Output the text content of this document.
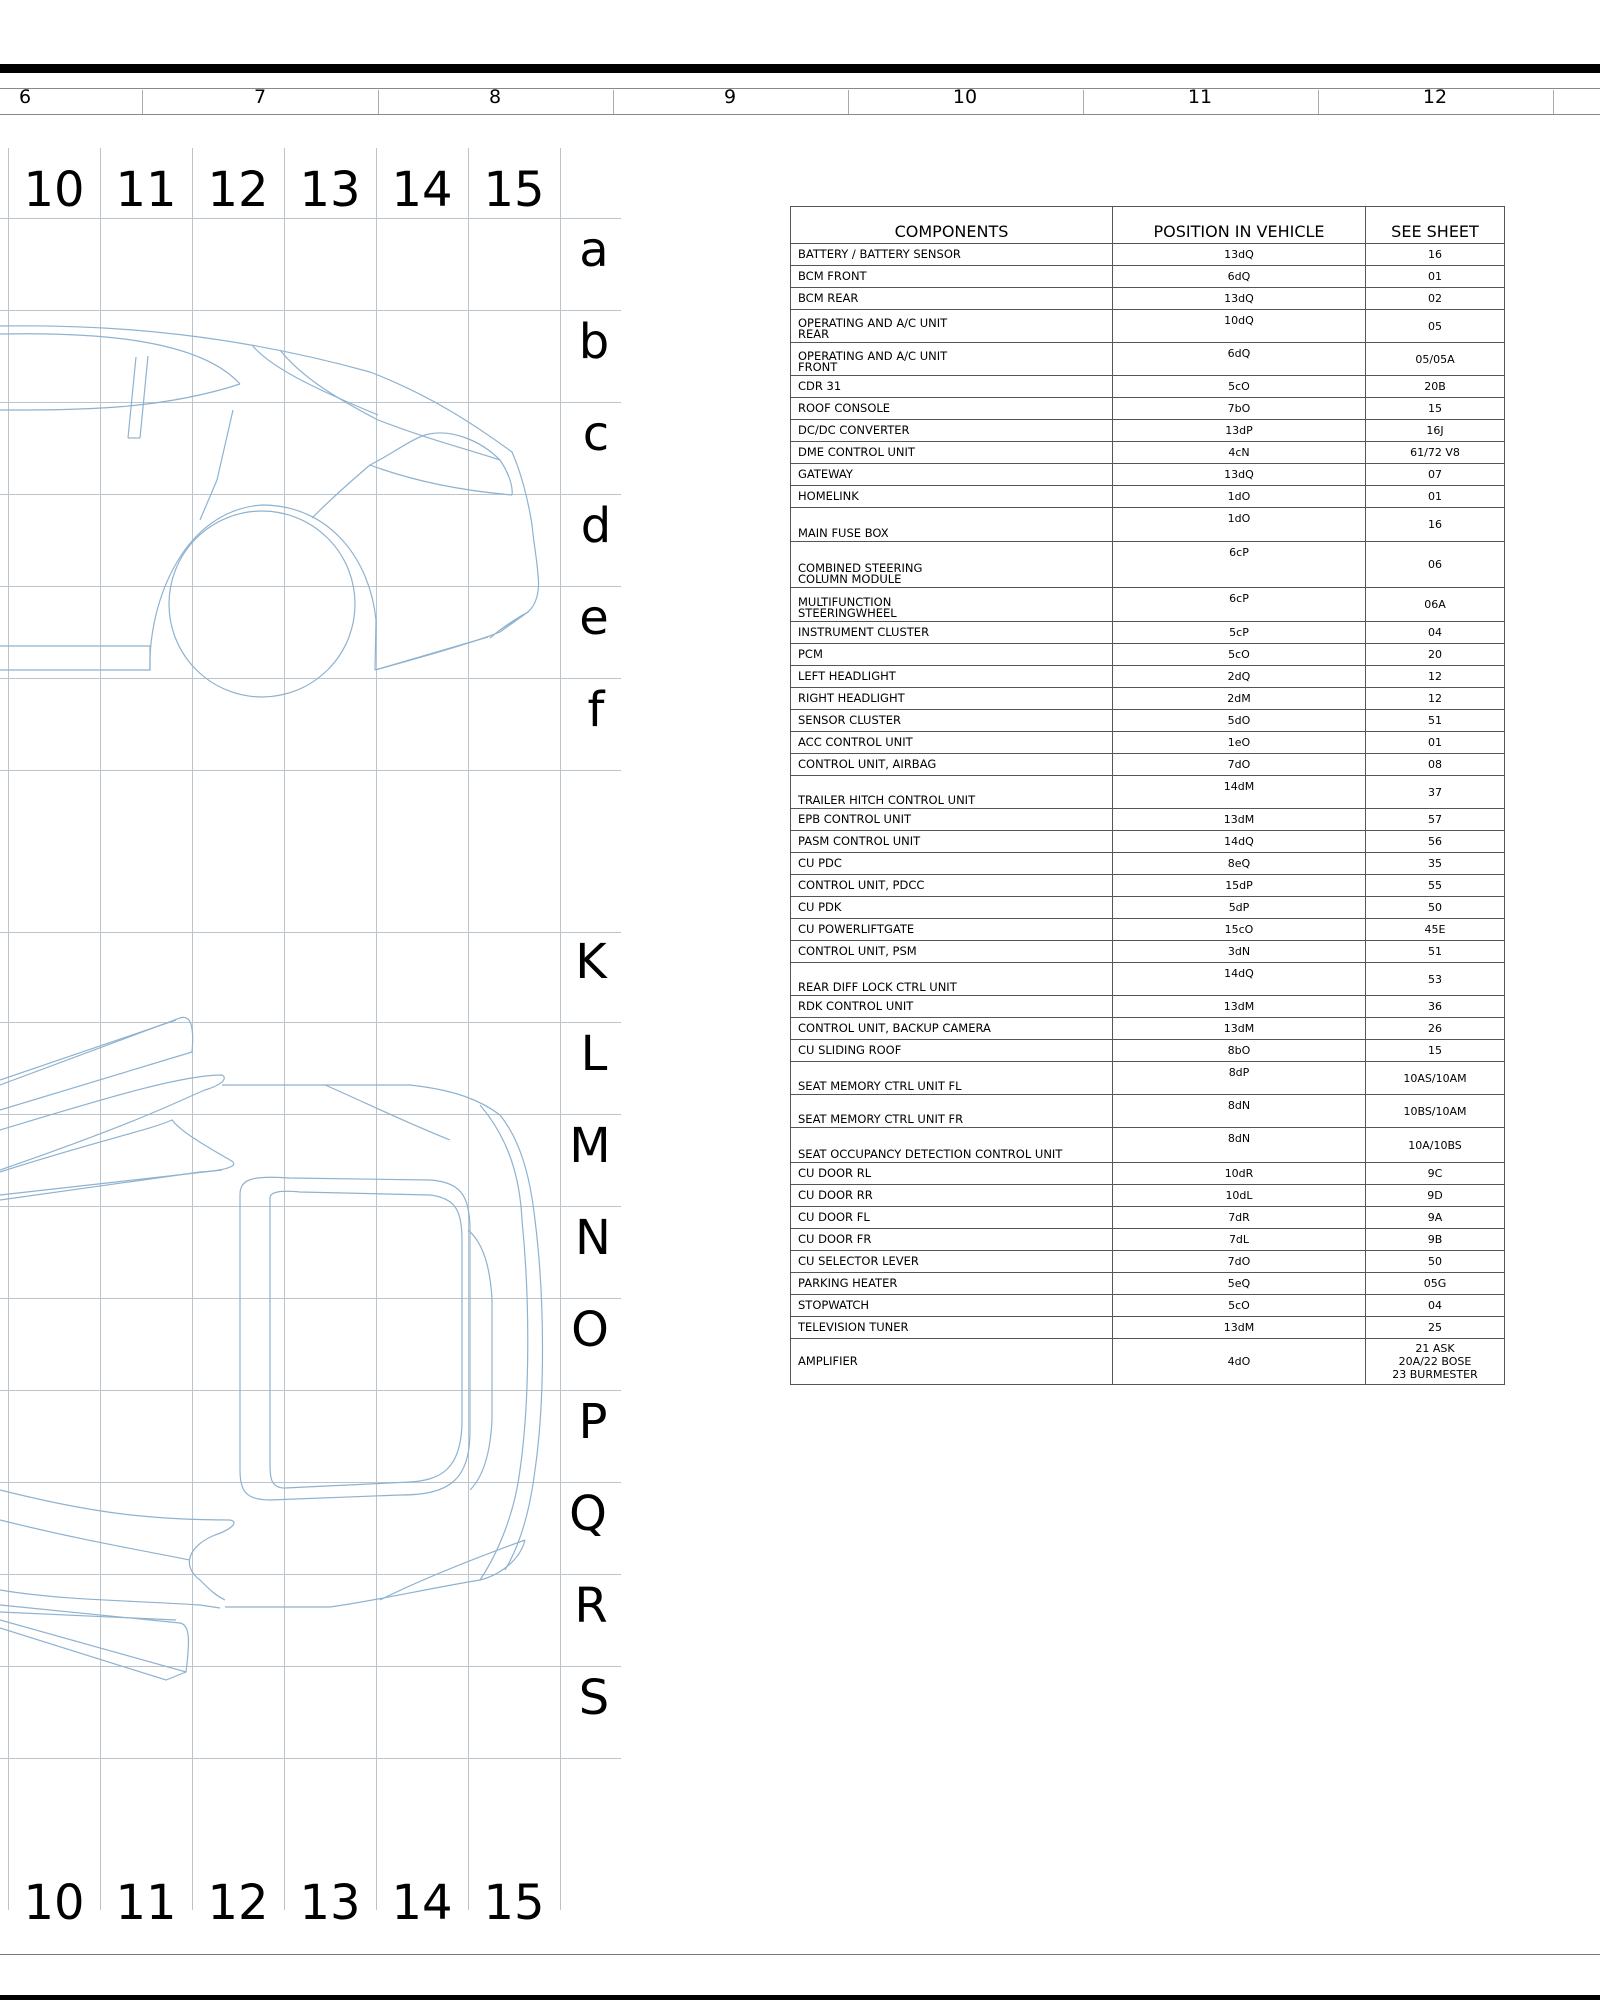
6	7	8	9	10	11	12
10
10
11
11
12
12
13
13
14
14
15
15
a
b
c
d
e
f
K
L
M
N
O
P
Q
R
S
COMPONENTS	POSITION IN VEHICLE	SEE SHEET
BATTERY / BATTERY SENSOR	13dQ	16
BCM FRONT	6dQ	01
BCM REAR	13dQ	02
OPERATING AND A/C UNIT
REAR	10dQ	05
OPERATING AND A/C UNIT
FRONT	6dQ	05/05A
CDR 31	5cO	20B
ROOF CONSOLE	7bO	15
DC/DC CONVERTER	13dP	16J
DME CONTROL UNIT	4cN	61/72 V8
GATEWAY	13dQ	07
HOMELINK	1dO	01
MAIN FUSE BOX	1dO	16
COMBINED STEERING
COLUMN MODULE	6cP	06
MULTIFUNCTION
STEERINGWHEEL	6cP	06A
INSTRUMENT CLUSTER	5cP	04
PCM	5cO	20
LEFT HEADLIGHT	2dQ	12
RIGHT HEADLIGHT	2dM	12
SENSOR CLUSTER	5dO	51
ACC CONTROL UNIT	1eO	01
CONTROL UNIT, AIRBAG	7dO	08
TRAILER HITCH CONTROL UNIT	14dM	37
EPB CONTROL UNIT	13dM	57
PASM CONTROL UNIT	14dQ	56
CU PDC	8eQ	35
CONTROL UNIT, PDCC	15dP	55
CU PDK	5dP	50
CU POWERLIFTGATE	15cO	45E
CONTROL UNIT, PSM	3dN	51
REAR DIFF LOCK CTRL UNIT	14dQ	53
RDK CONTROL UNIT	13dM	36
CONTROL UNIT, BACKUP CAMERA	13dM	26
CU SLIDING ROOF	8bO	15
SEAT MEMORY CTRL UNIT FL	8dP	10AS/10AM
SEAT MEMORY CTRL UNIT FR	8dN	10BS/10AM
SEAT OCCUPANCY DETECTION CONTROL UNIT	8dN	10A/10BS
CU DOOR RL	10dR	9C
CU DOOR RR	10dL	9D
CU DOOR FL	7dR	9A
CU DOOR FR	7dL	9B
CU SELECTOR LEVER	7dO	50
PARKING HEATER	5eQ	05G
STOPWATCH	5cO	04
TELEVISION TUNER	13dM	25
AMPLIFIER	4dO	21 ASK
20A/22 BOSE
23 BURMESTER
